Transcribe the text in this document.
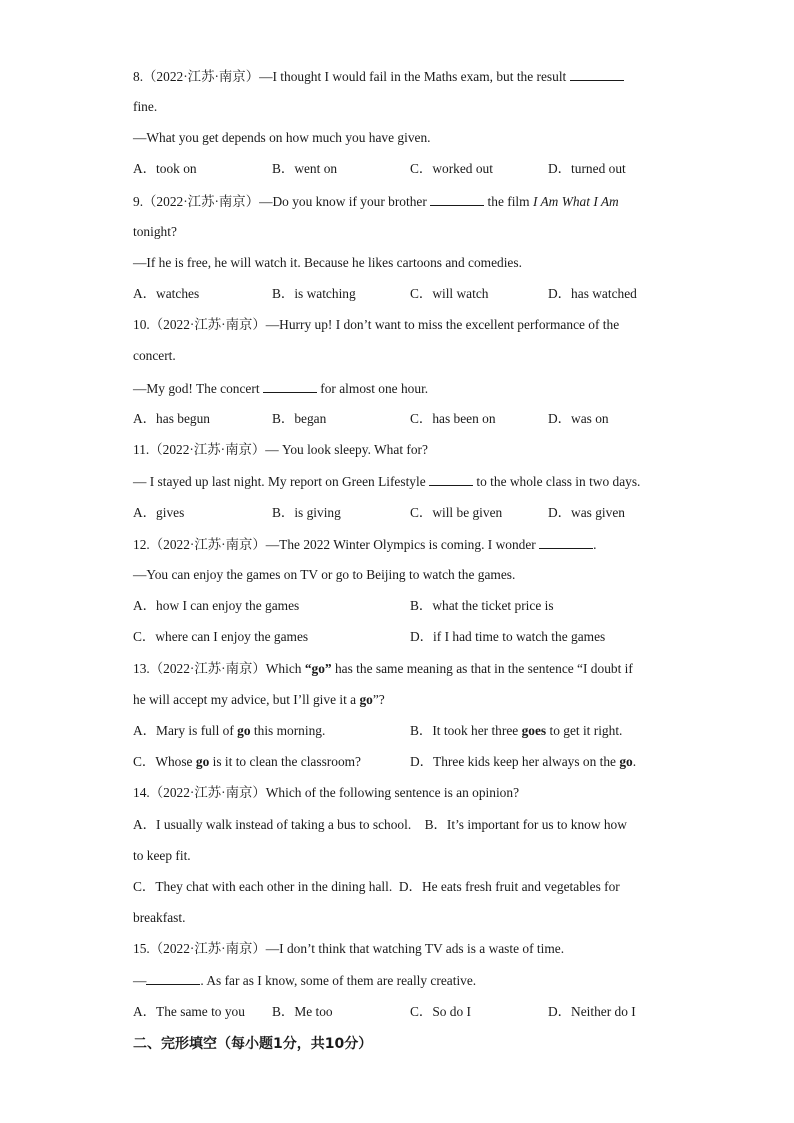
8.（2022·江苏·南京）—I thought I would fail in the Maths exam, but the result
fine.
—What you get depends on how much you have given.
A．took on	B．went on	C．worked out	D．turned out
9.（2022·江苏·南京）—Do you know if your brother	the film I Am What I Am
tonight?
—If he is free, he will watch it. Because he likes cartoons and comedies.
A．watches	B．is watching	C．will watch	D．has watched
10.（2022·江苏·南京）—Hurry up! I don’t want to miss the excellent performance of the
concert.
—My god! The concert	for almost one hour.
A．has begun	B．began	C．has been on	D．was on
11.（2022·江苏·南京）— You look sleepy. What for?
— I stayed up last night. My report on Green Lifestyle	to the whole class in two days.
A．gives	B．is giving	C．will be given	D．was given
12.（2022·江苏·南京）—The 2022 Winter Olympics is coming. I wonder	.
—You can enjoy the games on TV or go to Beijing to watch the games.
A．how I can enjoy the games	B．what the ticket price is
C．where can I enjoy the games	D．if I had time to watch the games
13.（2022·江苏·南京）Which “go” has the same meaning as that in the sentence “I doubt if
he will accept my advice, but I’ll give it a go”?
A．Mary is full of go this morning.	B．It took her three goes to get it right.
C．Whose go is it to clean the classroom?	D．Three kids keep her always on the go.
14.（2022·江苏·南京）Which of the following sentence is an opinion?
A．I usually walk instead of taking a bus to school.    B．It’s important for us to know how
to keep fit.
C．They chat with each other in the dining hall.  D．He eats fresh fruit and vegetables for
breakfast.
15.（2022·江苏·南京）—I don’t think that watching TV ads is a waste of time.
—	. As far as I know, some of them are really creative.
A．The same to you B．Me too	C．So do I	D．Neither do I
二、完形填空（每小题1分，共10分）
